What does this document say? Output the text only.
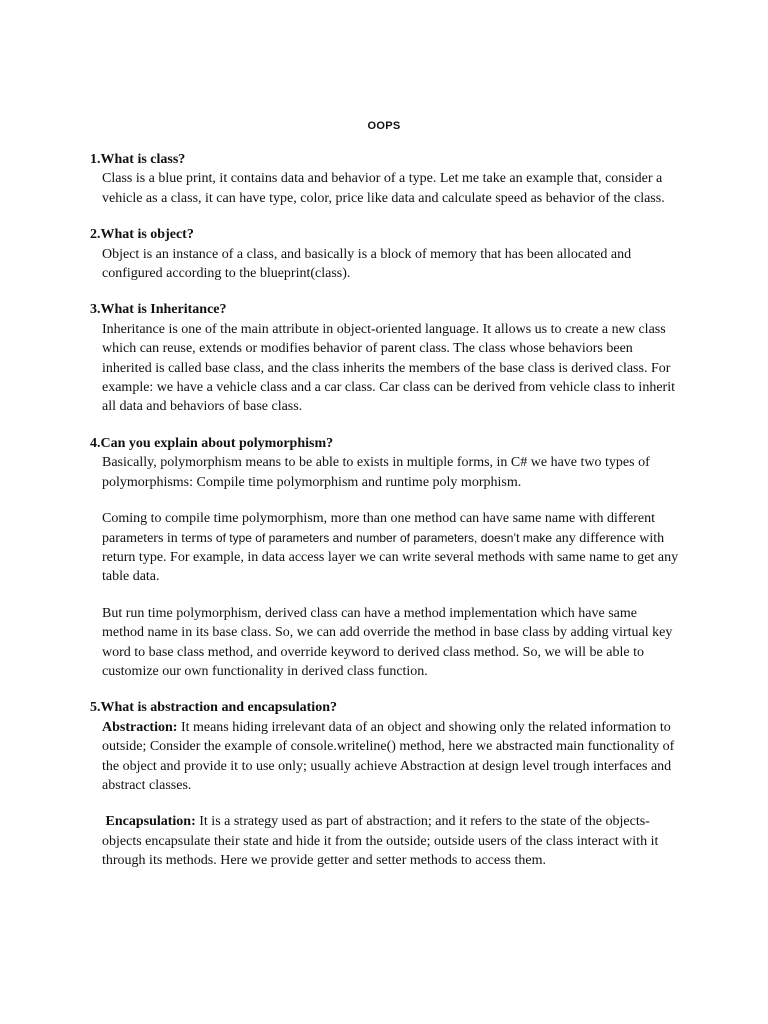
OOPS

1.What is class?

Class is a blue print, it contains data and behavior of a type. Let me take an example that, consider a vehicle as a class, it can have type, color, price like data and calculate speed as behavior of the class.

2.What is object?

Object is an instance of a class, and basically is a block of memory that has been allocated and configured according to the blueprint(class).

3.What is Inheritance?

Inheritance is one of the main attribute in object-oriented language. It allows us to create a new class which can reuse, extends or modifies behavior of parent class. The class whose behaviors been inherited is called base class, and the class inherits the members of the base class is derived class. For example: we have a vehicle class and a car class. Car class can be derived from vehicle class to inherit all data and behaviors of base class.

4.Can you explain about polymorphism?

Basically, polymorphism means to be able to exists in multiple forms, in C# we have two types of polymorphisms: Compile time polymorphism and runtime poly morphism.

Coming to compile time polymorphism, more than one method can have same name with different parameters in terms of type of parameters and number of parameters, doesn’t make any difference with return type. For example, in data access layer we can write several methods with same name to get any table data.

But run time polymorphism, derived class can have a method implementation which have same method name in its base class. So, we can add override the method in base class by adding virtual key word to base class method, and override keyword to derived class method. So, we will be able to customize our own functionality in derived class function.

5.What is abstraction and encapsulation?

Abstraction: It means hiding irrelevant data of an object and showing only the related information to outside; Consider the example of console.writeline() method, here we abstracted main functionality of the object and provide it to use only; usually achieve Abstraction at design level trough interfaces and abstract classes.

Encapsulation: It is a strategy used as part of abstraction; and it refers to the state of the objects- objects encapsulate their state and hide it from the outside; outside users of the class interact with it through its methods. Here we provide getter and setter methods to access them.
